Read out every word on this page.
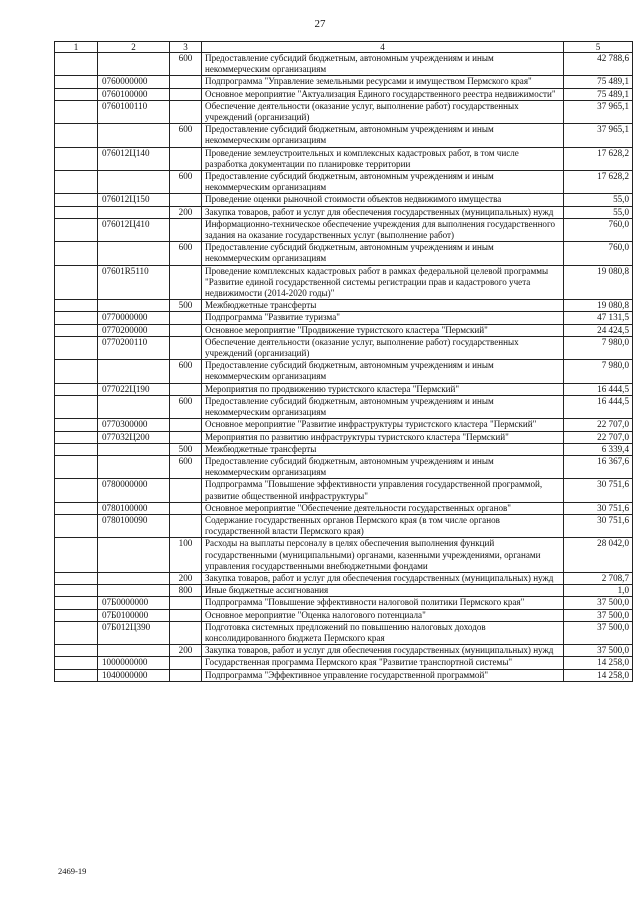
27
1	2	3	4	5
		600	Предоставление субсидий бюджетным, автономным учреждениям и иным некоммерческим организациям	42 788,6
	0760000000		Подпрограмма "Управление земельными ресурсами и имуществом Пермского края"	75 489,1
	0760100000		Основное мероприятие "Актуализация Единого государственного реестра недвижимости"	75 489,1
	0760100110		Обеспечение деятельности (оказание услуг, выполнение работ) государственных учреждений (организаций)	37 965,1
		600	Предоставление субсидий бюджетным, автономным учреждениям и иным некоммерческим организациям	37 965,1
	076012Ц140		Проведение землеустроительных и комплексных кадастровых работ, в том числе разработка документации по планировке территории	17 628,2
		600	Предоставление субсидий бюджетным, автономным учреждениям и иным некоммерческим организациям	17 628,2
	076012Ц150		Проведение оценки рыночной стоимости объектов недвижимого имущества	55,0
		200	Закупка товаров, работ и услуг для обеспечения государственных (муниципальных) нужд	55,0
	076012Ц410		Информационно-техническое обеспечение учреждения для выполнения государственного задания на оказание государственных услуг (выполнение работ)	760,0
		600	Предоставление субсидий бюджетным, автономным учреждениям и иным некоммерческим организациям	760,0
	07601R5110		Проведение комплексных кадастровых работ в рамках федеральной целевой программы "Развитие единой государственной системы регистрации прав и кадастрового учета недвижимости (2014-2020 годы)"	19 080,8
		500	Межбюджетные трансферты	19 080,8
	0770000000		Подпрограмма "Развитие туризма"	47 131,5
	0770200000		Основное мероприятие "Продвижение туристского кластера "Пермский"	24 424,5
	0770200110		Обеспечение деятельности (оказание услуг, выполнение работ) государственных учреждений (организаций)	7 980,0
		600	Предоставление субсидий бюджетным, автономным учреждениям и иным некоммерческим организациям	7 980,0
	077022Ц190		Мероприятия по продвижению туристского кластера "Пермский"	16 444,5
		600	Предоставление субсидий бюджетным, автономным учреждениям и иным некоммерческим организациям	16 444,5
	0770300000		Основное мероприятие "Развитие инфраструктуры туристского кластера "Пермский"	22 707,0
	077032Ц200		Мероприятия по развитию инфраструктуры туристского кластера "Пермский"	22 707,0
		500	Межбюджетные трансферты	6 339,4
		600	Предоставление субсидий бюджетным, автономным учреждениям и иным некоммерческим организациям	16 367,6
	0780000000		Подпрограмма "Повышение эффективности управления государственной программой, развитие общественной инфраструктуры"	30 751,6
	0780100000		Основное мероприятие "Обеспечение деятельности государственных органов"	30 751,6
	0780100090		Содержание государственных органов Пермского края (в том числе органов государственной власти Пермского края)	30 751,6
		100	Расходы на выплаты персоналу в целях обеспечения выполнения функций государственными (муниципальными) органами, казенными учреждениями, органами управления государственными внебюджетными фондами	28 042,0
		200	Закупка товаров, работ и услуг для обеспечения государственных (муниципальных) нужд	2 708,7
		800	Иные бюджетные ассигнования	1,0
	07Б0000000		Подпрограмма "Повышение эффективности налоговой политики Пермского края"	37 500,0
	07Б0100000		Основное мероприятие "Оценка налогового потенциала"	37 500,0
	07Б012Ц390		Подготовка системных предложений по повышению налоговых доходов консолидированного бюджета Пермского края	37 500,0
		200	Закупка товаров, работ и услуг для обеспечения государственных (муниципальных) нужд	37 500,0
	1000000000		Государственная программа Пермского края "Развитие транспортной системы"	14 258,0
	1040000000		Подпрограмма "Эффективное управление государственной программой"	14 258,0
2469-19
